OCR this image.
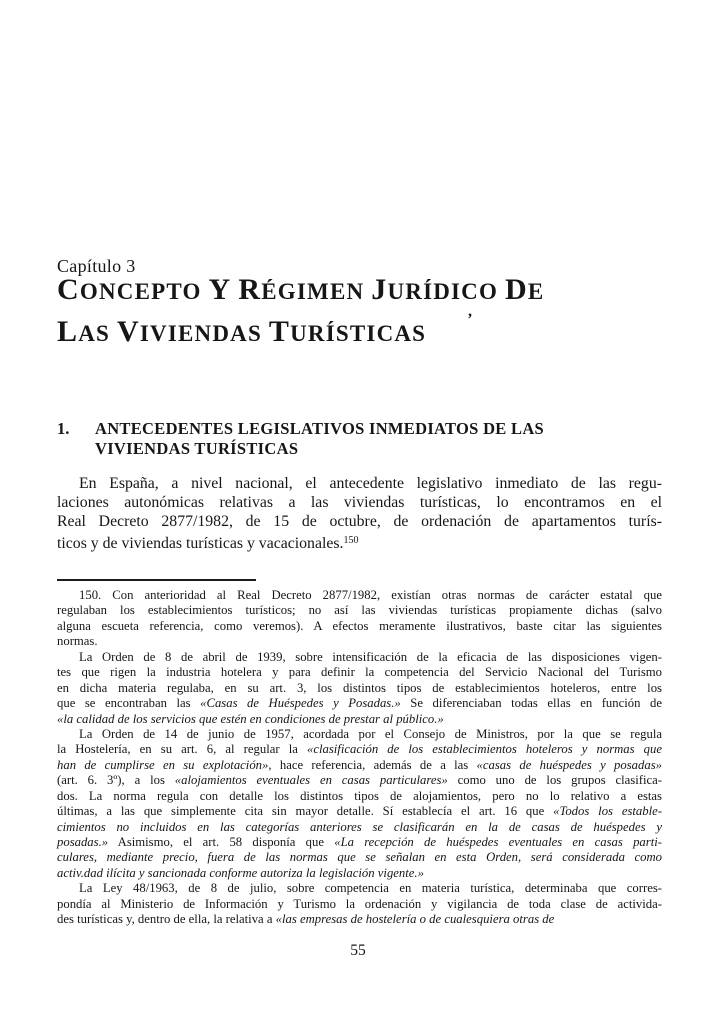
Capítulo 3
CONCEPTO Y RÉGIMEN JURÍDICO DE
LAS VIVIENDAS TURÍSTICAS
,
1.	ANTECEDENTES LEGISLATIVOS INMEDIATOS DE LAS
VIVIENDAS TURÍSTICAS
En España, a nivel nacional, el antecedente legislativo inmediato de las regu-
laciones autonómicas relativas a las viviendas turísticas, lo encontramos en el
Real Decreto 2877/1982, de 15 de octubre, de ordenación de apartamentos turís-
ticos y de viviendas turísticas y vacacionales.$^{150}$
150. Con anterioridad al Real Decreto 2877/1982, existían otras normas de carácter estatal que
regulaban los establecimientos turísticos; no así las viviendas turísticas propiamente dichas (salvo
alguna escueta referencia, como veremos). A efectos meramente ilustrativos, baste citar las siguientes
normas.
La Orden de 8 de abril de 1939, sobre intensificación de la eficacia de las disposiciones vigen-
tes que rigen la industria hotelera y para definir la competencia del Servicio Nacional del Turismo
en dicha materia regulaba, en su art. 3, los distintos tipos de establecimientos hoteleros, entre los
que se encontraban las «Casas de Huéspedes y Posadas.» Se diferenciaban todas ellas en función de
«la calidad de los servicios que estén en condiciones de prestar al público.»
La Orden de 14 de junio de 1957, acordada por el Consejo de Ministros, por la que se regula
la Hostelería, en su art. 6, al regular la «clasificación de los establecimientos hoteleros y normas que
han de cumplirse en su explotación», hace referencia, además de a las «casas de huéspedes y posadas»
(art. 6. 3º), a los «alojamientos eventuales en casas particulares» como uno de los grupos clasifica-
dos. La norma regula con detalle los distintos tipos de alojamientos, pero no lo relativo a estas
últimas, a las que simplemente cita sin mayor detalle. Sí establecía el art. 16 que «Todos los estable-
cimientos no incluidos en las categorías anteriores se clasificarán en la de casas de huéspedes y
posadas.» Asimismo, el art. 58 disponía que «La recepción de huéspedes eventuales en casas parti-
culares, mediante precio, fuera de las normas que se señalan en esta Orden, será considerada como
activ.dad ilícita y sancionada conforme autoriza la legislación vigente.»
La Ley 48/1963, de 8 de julio, sobre competencia en materia turística, determinaba que corres-
pondía al Ministerio de Información y Turismo la ordenación y vigilancia de toda clase de activida-
des turísticas y, dentro de ella, la relativa a «las empresas de hostelería o de cualesquiera otras de
55
